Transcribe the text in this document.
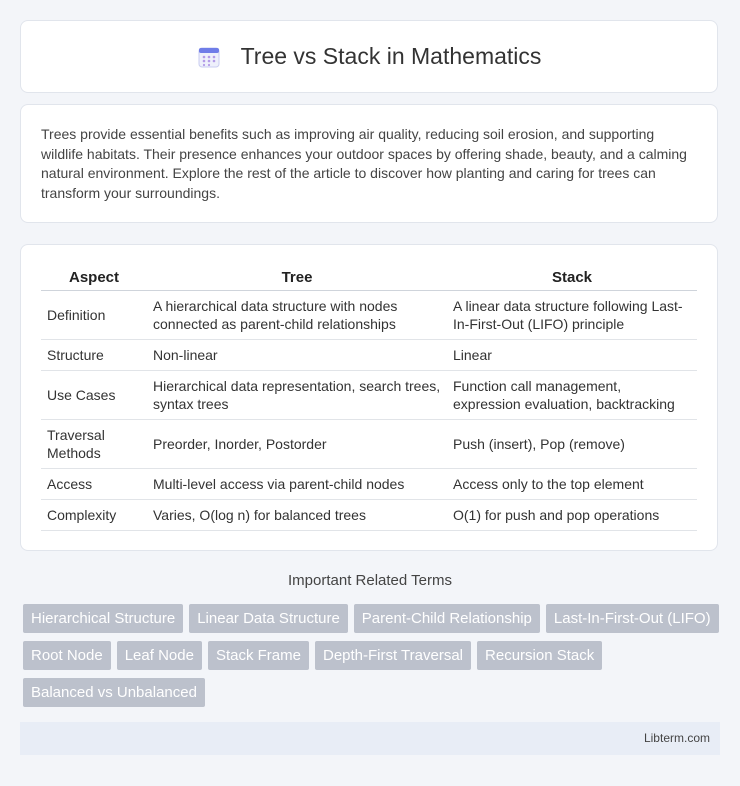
Tree vs Stack in Mathematics

Trees provide essential benefits such as improving air quality, reducing soil erosion, and supporting wildlife habitats. Their presence enhances your outdoor spaces by offering shade, beauty, and a calming natural environment. Explore the rest of the article to discover how planting and caring for trees can transform your surroundings.

Aspect	Tree	Stack
Definition	A hierarchical data structure with nodes connected as parent-child relationships	A linear data structure following Last-In-First-Out (LIFO) principle
Structure	Non-linear	Linear
Use Cases	Hierarchical data representation, search trees, syntax trees	Function call management, expression evaluation, backtracking
Traversal Methods	Preorder, Inorder, Postorder	Push (insert), Pop (remove)
Access	Multi-level access via parent-child nodes	Access only to the top element
Complexity	Varies, O(log n) for balanced trees	O(1) for push and pop operations
Important Related Terms
Hierarchical Structure	Linear Data Structure	Parent-Child Relationship	Last-In-First-Out (LIFO)
Root Node	Leaf Node	Stack Frame	Depth-First Traversal	Recursion Stack
Balanced vs Unbalanced
Libterm.com
